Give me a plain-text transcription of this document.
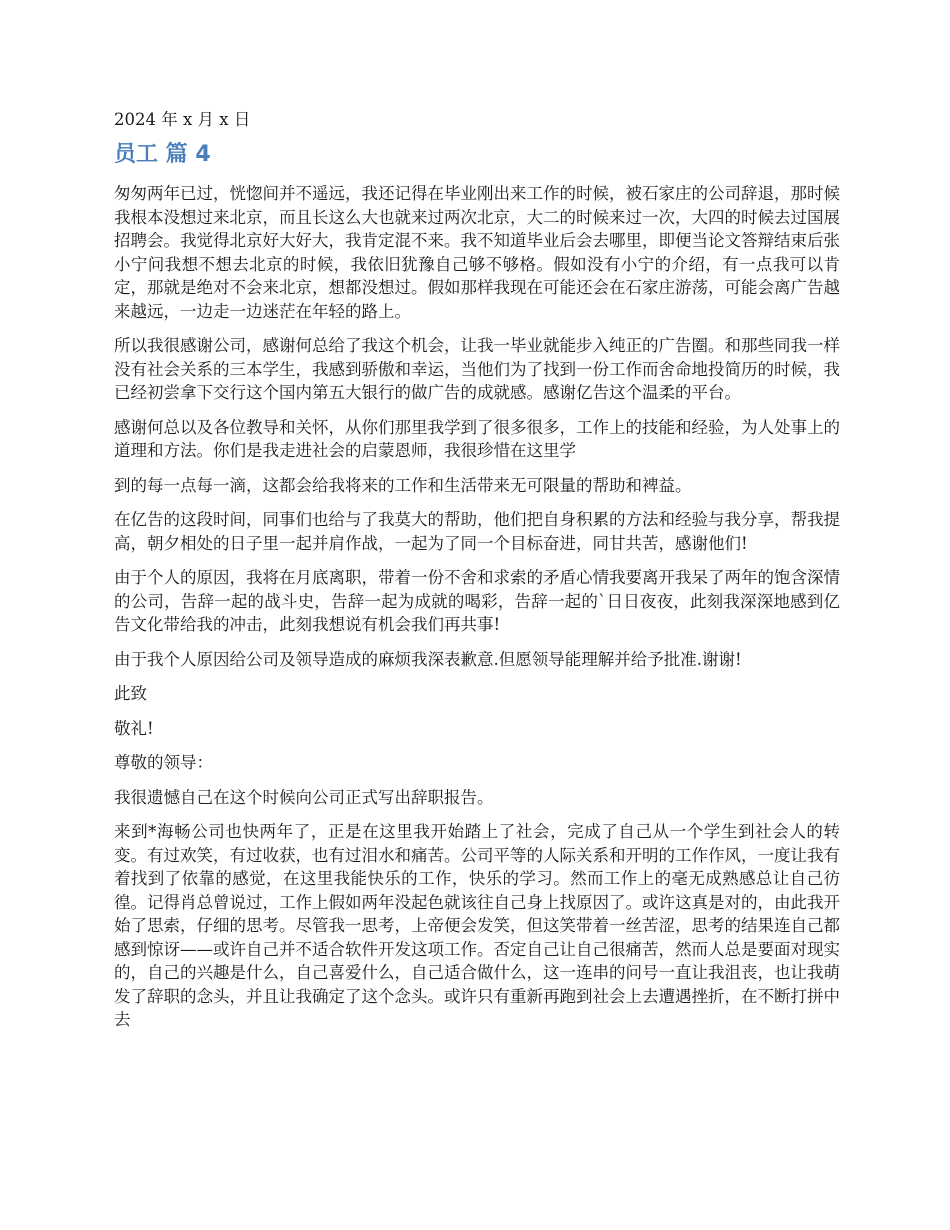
2024 年 x 月 x 日
员工 篇 4

匆匆两年已过，恍惚间并不遥远，我还记得在毕业刚出来工作的时候，被石家庄的公司辞退，那时候我根本没想过来北京，而且长这么大也就来过两次北京，大二的时候来过一次，大四的时候去过国展招聘会。我觉得北京好大好大，我肯定混不来。我不知道毕业后会去哪里，即便当论文答辩结束后张小宁问我想不想去北京的时候，我依旧犹豫自己够不够格。假如没有小宁的介绍，有一点我可以肯定，那就是绝对不会来北京，想都没想过。假如那样我现在可能还会在石家庄游荡，可能会离广告越来越远，一边走一边迷茫在年轻的路上。

所以我很感谢公司，感谢何总给了我这个机会，让我一毕业就能步入纯正的广告圈。和那些同我一样没有社会关系的三本学生，我感到骄傲和幸运，当他们为了找到一份工作而舍命地投简历的时候，我已经初尝拿下交行这个国内第五大银行的做广告的成就感。感谢亿告这个温柔的平台。

感谢何总以及各位教导和关怀，从你们那里我学到了很多很多，工作上的技能和经验，为人处事上的道理和方法。你们是我走进社会的启蒙恩师，我很珍惜在这里学

到的每一点每一滴，这都会给我将来的工作和生活带来无可限量的帮助和裨益。

在亿告的这段时间，同事们也给与了我莫大的帮助，他们把自身积累的方法和经验与我分享，帮我提高，朝夕相处的日子里一起并肩作战，一起为了同一个目标奋进，同甘共苦，感谢他们!

由于个人的原因，我将在月底离职，带着一份不舍和求索的矛盾心情我要离开我呆了两年的饱含深情的公司，告辞一起的战斗史，告辞一起为成就的喝彩，告辞一起的`日日夜夜，此刻我深深地感到亿告文化带给我的冲击，此刻我想说有机会我们再共事!

由于我个人原因给公司及领导造成的麻烦我深表歉意.但愿领导能理解并给予批准.谢谢!

此致

敬礼!

尊敬的领导：

我很遗憾自己在这个时候向公司正式写出辞职报告。

来到*海畅公司也快两年了，正是在这里我开始踏上了社会，完成了自己从一个学生到社会人的转变。有过欢笑，有过收获，也有过泪水和痛苦。公司平等的人际关系和开明的工作作风，一度让我有着找到了依靠的感觉，在这里我能快乐的工作，快乐的学习。然而工作上的毫无成熟感总让自己彷徨。记得肖总曾说过，工作上假如两年没起色就该往自己身上找原因了。或许这真是对的，由此我开始了思索，仔细的思考。尽管我一思考，上帝便会发笑，但这笑带着一丝苦涩，思考的结果连自己都感到惊讶——或许自己并不适合软件开发这项工作。否定自己让自己很痛苦，然而人总是要面对现实的，自己的兴趣是什么，自己喜爱什么，自己适合做什么，这一连串的问号一直让我沮丧，也让我萌发了辞职的念头，并且让我确定了这个念头。或许只有重新再跑到社会上去遭遇挫折，在不断打拼中去
